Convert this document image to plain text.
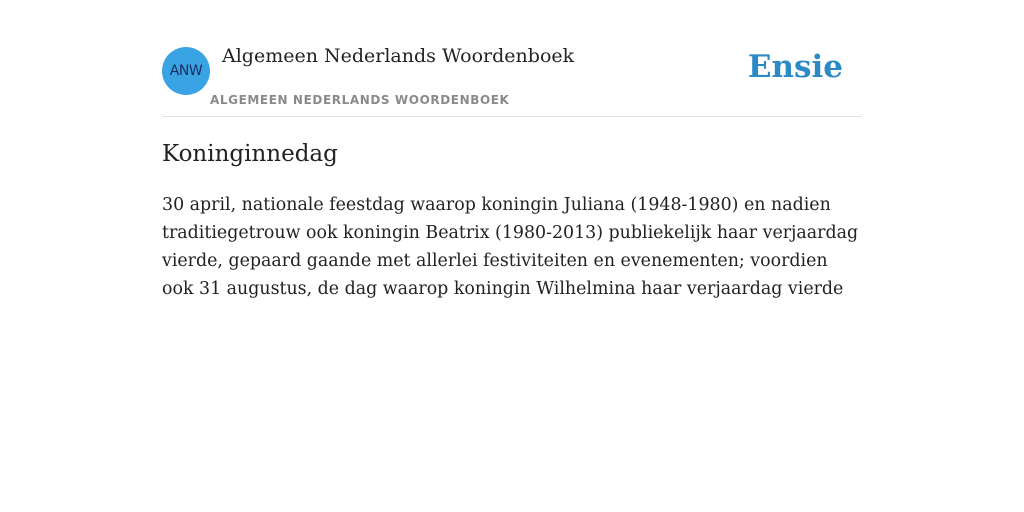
ANW
Algemeen Nederlands Woordenboek
ALGEMEEN NEDERLANDS WOORDENBOEK
Ensie
Koninginnedag

30 april, nationale feestdag waarop koningin Juliana (1948-1980) en nadien traditiegetrouw ook koningin Beatrix (1980-2013) publiekelijk haar verjaardag vierde, gepaard gaande met allerlei festiviteiten en evenementen; voordien ook 31 augustus, de dag waarop koningin Wilhelmina haar verjaardag vierde
